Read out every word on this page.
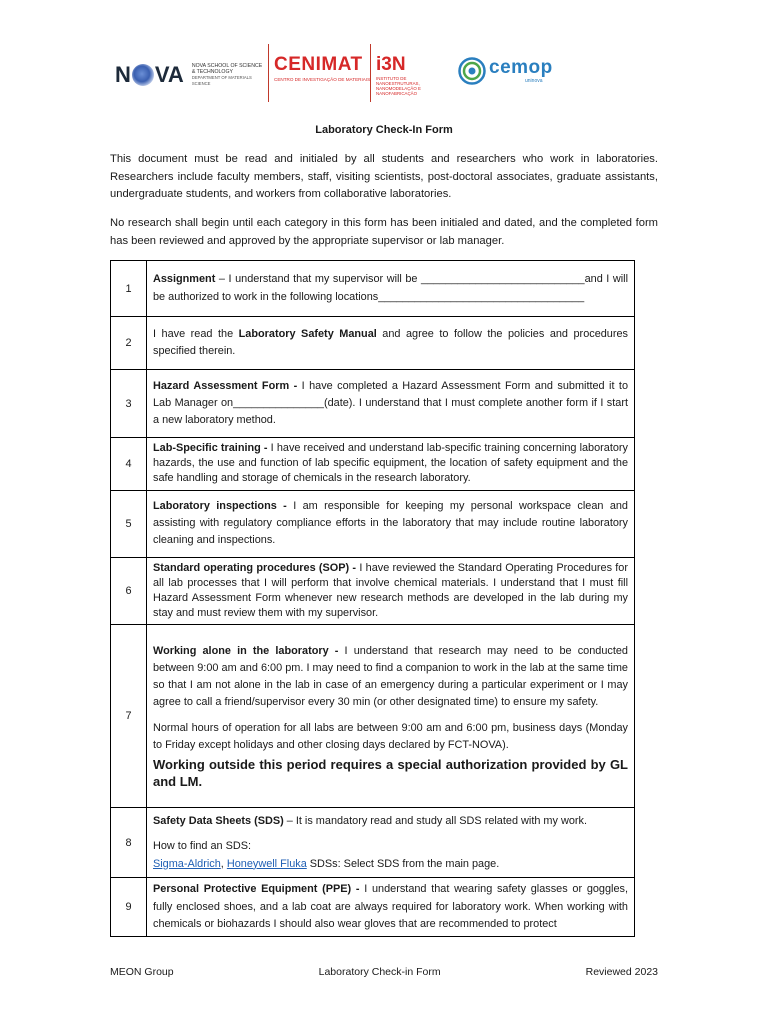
N VA NOVA SCHOOL OF SCIENCE & TECHNOLOGY
DEPARTMENT OF MATERIALS SCIENCE
CENIMAT
CENTRO DE INVESTIGAÇÃO DE MATERIAIS
i3N
INSTITUTO DE NANOESTRUTURAS, NANOMODELAÇÃO E NANOFABRICAÇÃO
cemop
uninova
Laboratory Check-In Form
This document must be read and initialed by all students and researchers who work in laboratories. Researchers include faculty members, staff, visiting scientists, post-doctoral associates, graduate assistants, undergraduate students, and workers from collaborative laboratories.
No research shall begin until each category in this form has been initialed and dated, and the completed form has been reviewed and approved by the appropriate supervisor or lab manager.
1	Assignment – I understand that my supervisor will be ___________________________and I will be authorized to work in the following locations__________________________________
2	I have read the Laboratory Safety Manual and agree to follow the policies and procedures specified therein.
3	Hazard Assessment Form - I have completed a Hazard Assessment Form and submitted it to Lab Manager on_______________(date). I understand that I must complete another form if I start a new laboratory method.
4	Lab-Specific training - I have received and understand lab-specific training concerning laboratory hazards, the use and function of lab specific equipment, the location of safety equipment and the safe handling and storage of chemicals in the research laboratory.
5	Laboratory inspections - I am responsible for keeping my personal workspace clean and assisting with regulatory compliance efforts in the laboratory that may include routine laboratory cleaning and inspections.
6	Standard operating procedures (SOP) - I have reviewed the Standard Operating Procedures for all lab processes that I will perform that involve chemical materials. I understand that I must fill Hazard Assessment Form whenever new research methods are developed in the lab during my stay and must review them with my supervisor.
7	Working alone in the laboratory - I understand that research may need to be conducted between 9:00 am and 6:00 pm. I may need to find a companion to work in the lab at the same time so that I am not alone in the lab in case of an emergency during a particular experiment or I may agree to call a friend/supervisor every 30 min (or other designated time) to ensure my safety.
Normal hours of operation for all labs are between 9:00 am and 6:00 pm, business days (Monday to Friday except holidays and other closing days declared by FCT-NOVA).
Working outside this period requires a special authorization provided by GL and LM.

8	Safety Data Sheets (SDS) – It is mandatory read and study all SDS related with my work.
How to find an SDS:
Sigma-Aldrich, Honeywell Fluka SDSs: Select SDS from the main page.

9	Personal Protective Equipment (PPE) - I understand that wearing safety glasses or goggles, fully enclosed shoes, and a lab coat are always required for laboratory work. When working with chemicals or biohazards I should also wear gloves that are recommended to protect
MEON Group	Laboratory Check-in Form	Reviewed 2023
